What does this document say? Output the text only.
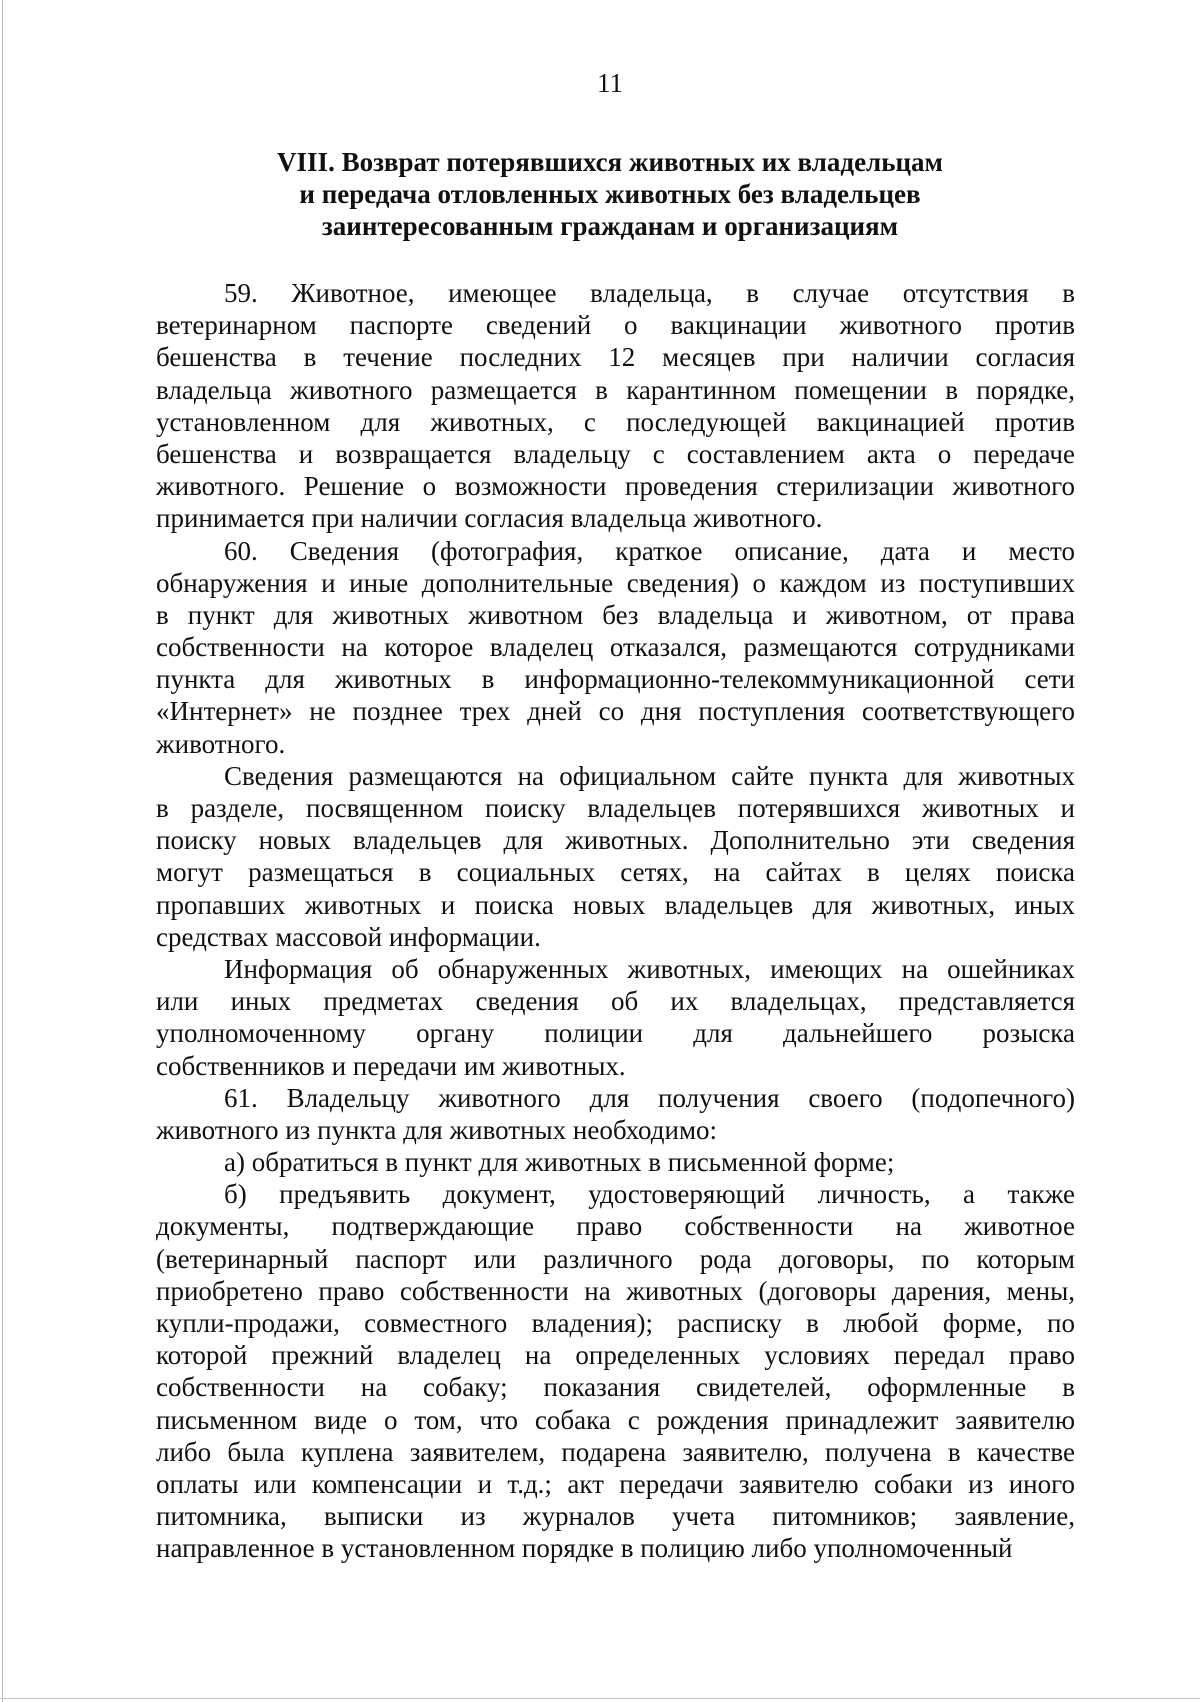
11
VIII. Возврат потерявшихся животных их владельцам
и передача отловленных животных без владельцев
заинтересованным гражданам и организациям
59. Животное, имеющее владельца, в случае отсутствия в
ветеринарном паспорте сведений о вакцинации животного против
бешенства в течение последних 12 месяцев при наличии согласия
владельца животного размещается в карантинном помещении в порядке,
установленном для животных, с последующей вакцинацией против
бешенства и возвращается владельцу с составлением акта о передаче
животного. Решение о возможности проведения стерилизации животного
принимается при наличии согласия владельца животного.
60. Сведения (фотография, краткое описание, дата и место
обнаружения и иные дополнительные сведения) о каждом из поступивших
в пункт для животных животном без владельца и животном, от права
собственности на которое владелец отказался, размещаются сотрудниками
пункта для животных в информационно-телекоммуникационной сети
«Интернет» не позднее трех дней со дня поступления соответствующего
животного.
Сведения размещаются на официальном сайте пункта для животных
в разделе, посвященном поиску владельцев потерявшихся животных и
поиску новых владельцев для животных. Дополнительно эти сведения
могут размещаться в социальных сетях, на сайтах в целях поиска
пропавших животных и поиска новых владельцев для животных, иных
средствах массовой информации.
Информация об обнаруженных животных, имеющих на ошейниках
или иных предметах сведения об их владельцах, представляется
уполномоченному органу полиции для дальнейшего розыска
собственников и передачи им животных.
61. Владельцу животного для получения своего (подопечного)
животного из пункта для животных необходимо:
а) обратиться в пункт для животных в письменной форме;
б) предъявить документ, удостоверяющий личность, а также
документы, подтверждающие право собственности на животное
(ветеринарный паспорт или различного рода договоры, по которым
приобретено право собственности на животных (договоры дарения, мены,
купли-продажи, совместного владения); расписку в любой форме, по
которой прежний владелец на определенных условиях передал право
собственности на собаку; показания свидетелей, оформленные в
письменном виде о том, что собака с рождения принадлежит заявителю
либо была куплена заявителем, подарена заявителю, получена в качестве
оплаты или компенсации и т.д.; акт передачи заявителю собаки из иного
питомника, выписки из журналов учета питомников; заявление,
направленное в установленном порядке в полицию либо уполномоченный
